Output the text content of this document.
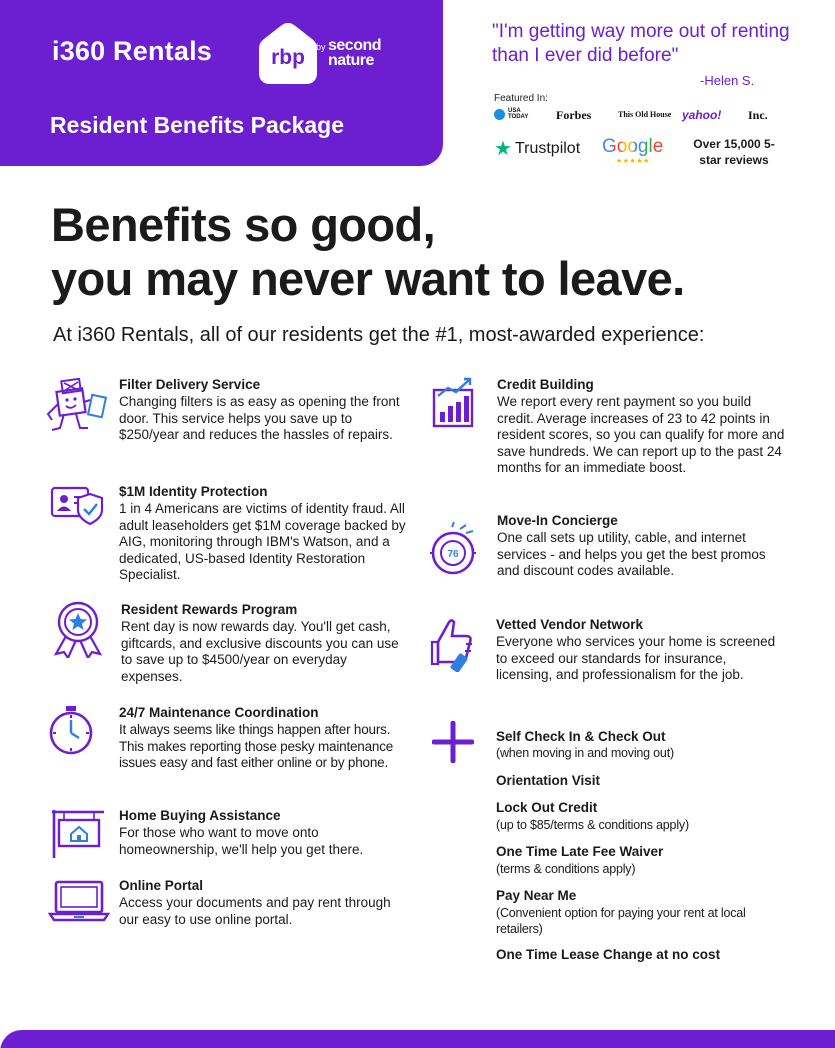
i360 Rentals	rbp by second nature
Resident Benefits Package
"I'm getting way more out of renting than I ever did before"
-Helen S.
Featured In:
USA TODAY	Forbes	This Old House yahoo! Inc.
★ Trustpilot Google
★★★★★
Over 15,000 5-star reviews
Benefits so good,
you may never want to leave.
At i360 Rentals, all of our residents get the #1, most-awarded experience:
Filter Delivery Service
Changing filters is as easy as opening the front door. This service helps you save up to $250/year and reduces the hassles of repairs.
$1M Identity Protection
1 in 4 Americans are victims of identity fraud. All adult leaseholders get $1M coverage backed by AIG, monitoring through IBM's Watson, and a dedicated, US-based Identity Restoration Specialist.
Resident Rewards Program
Rent day is now rewards day. You'll get cash, giftcards, and exclusive discounts you can use to save up to $4500/year on everyday expenses.
24/7 Maintenance Coordination
It always seems like things happen after hours. This makes reporting those pesky maintenance issues easy and fast either online or by phone.
Home Buying Assistance
For those who want to move onto homeownership, we'll help you get there.
Online Portal
Access your documents and pay rent through our easy to use online portal.
Credit Building
We report every rent payment so you build credit. Average increases of 23 to 42 points in resident scores, so you can qualify for more and save hundreds. We can report up to the past 24 months for an immediate boost.
76
Move-In Concierge
One call sets up utility, cable, and internet services - and helps you get the best promos and discount codes available.
Vetted Vendor Network
Everyone who services your home is screened to exceed our standards for insurance, licensing, and professionalism for the job.
Self Check In & Check Out
(when moving in and moving out)
Orientation Visit
Lock Out Credit
(up to $85/terms & conditions apply)
One Time Late Fee Waiver
(terms & conditions apply)
Pay Near Me
(Convenient option for paying your rent at local retailers)
One Time Lease Change at no cost
